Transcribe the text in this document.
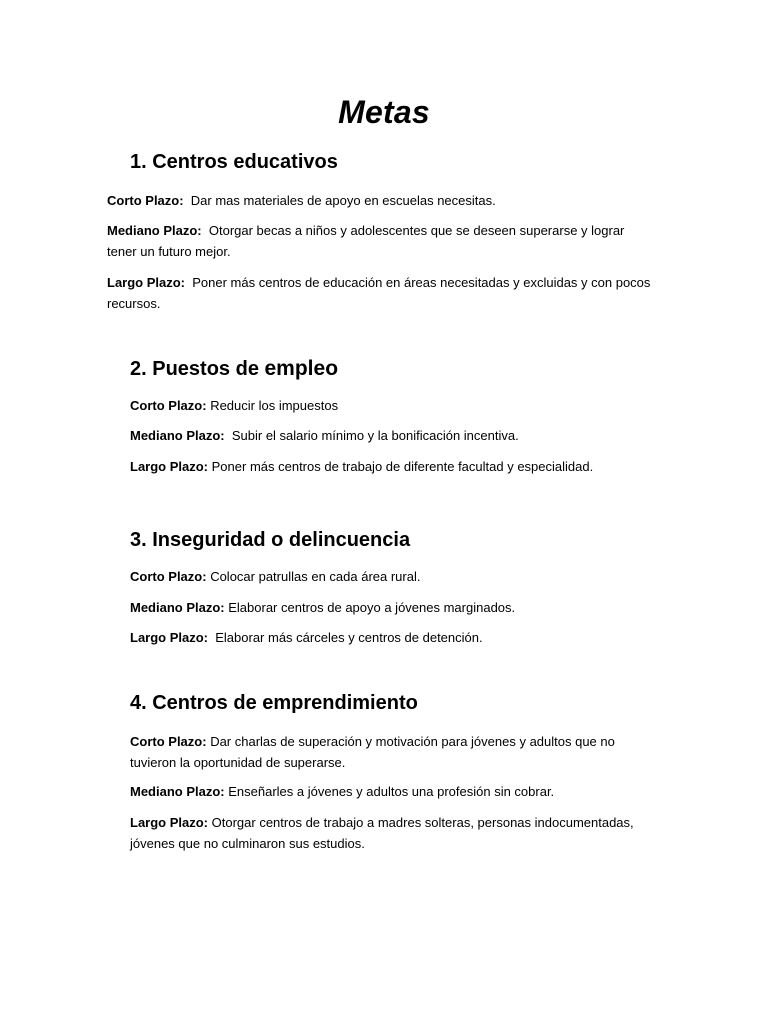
Metas
1. Centros educativos
Corto Plazo: Dar mas materiales de apoyo en escuelas necesitas.
Mediano Plazo: Otorgar becas a niños y adolescentes que se deseen superarse y lograr tener un futuro mejor.
Largo Plazo: Poner más centros de educación en áreas necesitadas y excluidas y con pocos recursos.
2. Puestos de empleo
Corto Plazo: Reducir los impuestos
Mediano Plazo: Subir el salario mínimo y la bonificación incentiva.
Largo Plazo: Poner más centros de trabajo de diferente facultad y especialidad.
3. Inseguridad o delincuencia
Corto Plazo: Colocar patrullas en cada área rural.
Mediano Plazo: Elaborar centros de apoyo a jóvenes marginados.
Largo Plazo: Elaborar más cárceles y centros de detención.
4. Centros de emprendimiento
Corto Plazo: Dar charlas de superación y motivación para jóvenes y adultos que no tuvieron la oportunidad de superarse.
Mediano Plazo: Enseñarles a jóvenes y adultos una profesión sin cobrar.
Largo Plazo: Otorgar centros de trabajo a madres solteras, personas indocumentadas, jóvenes que no culminaron sus estudios.
